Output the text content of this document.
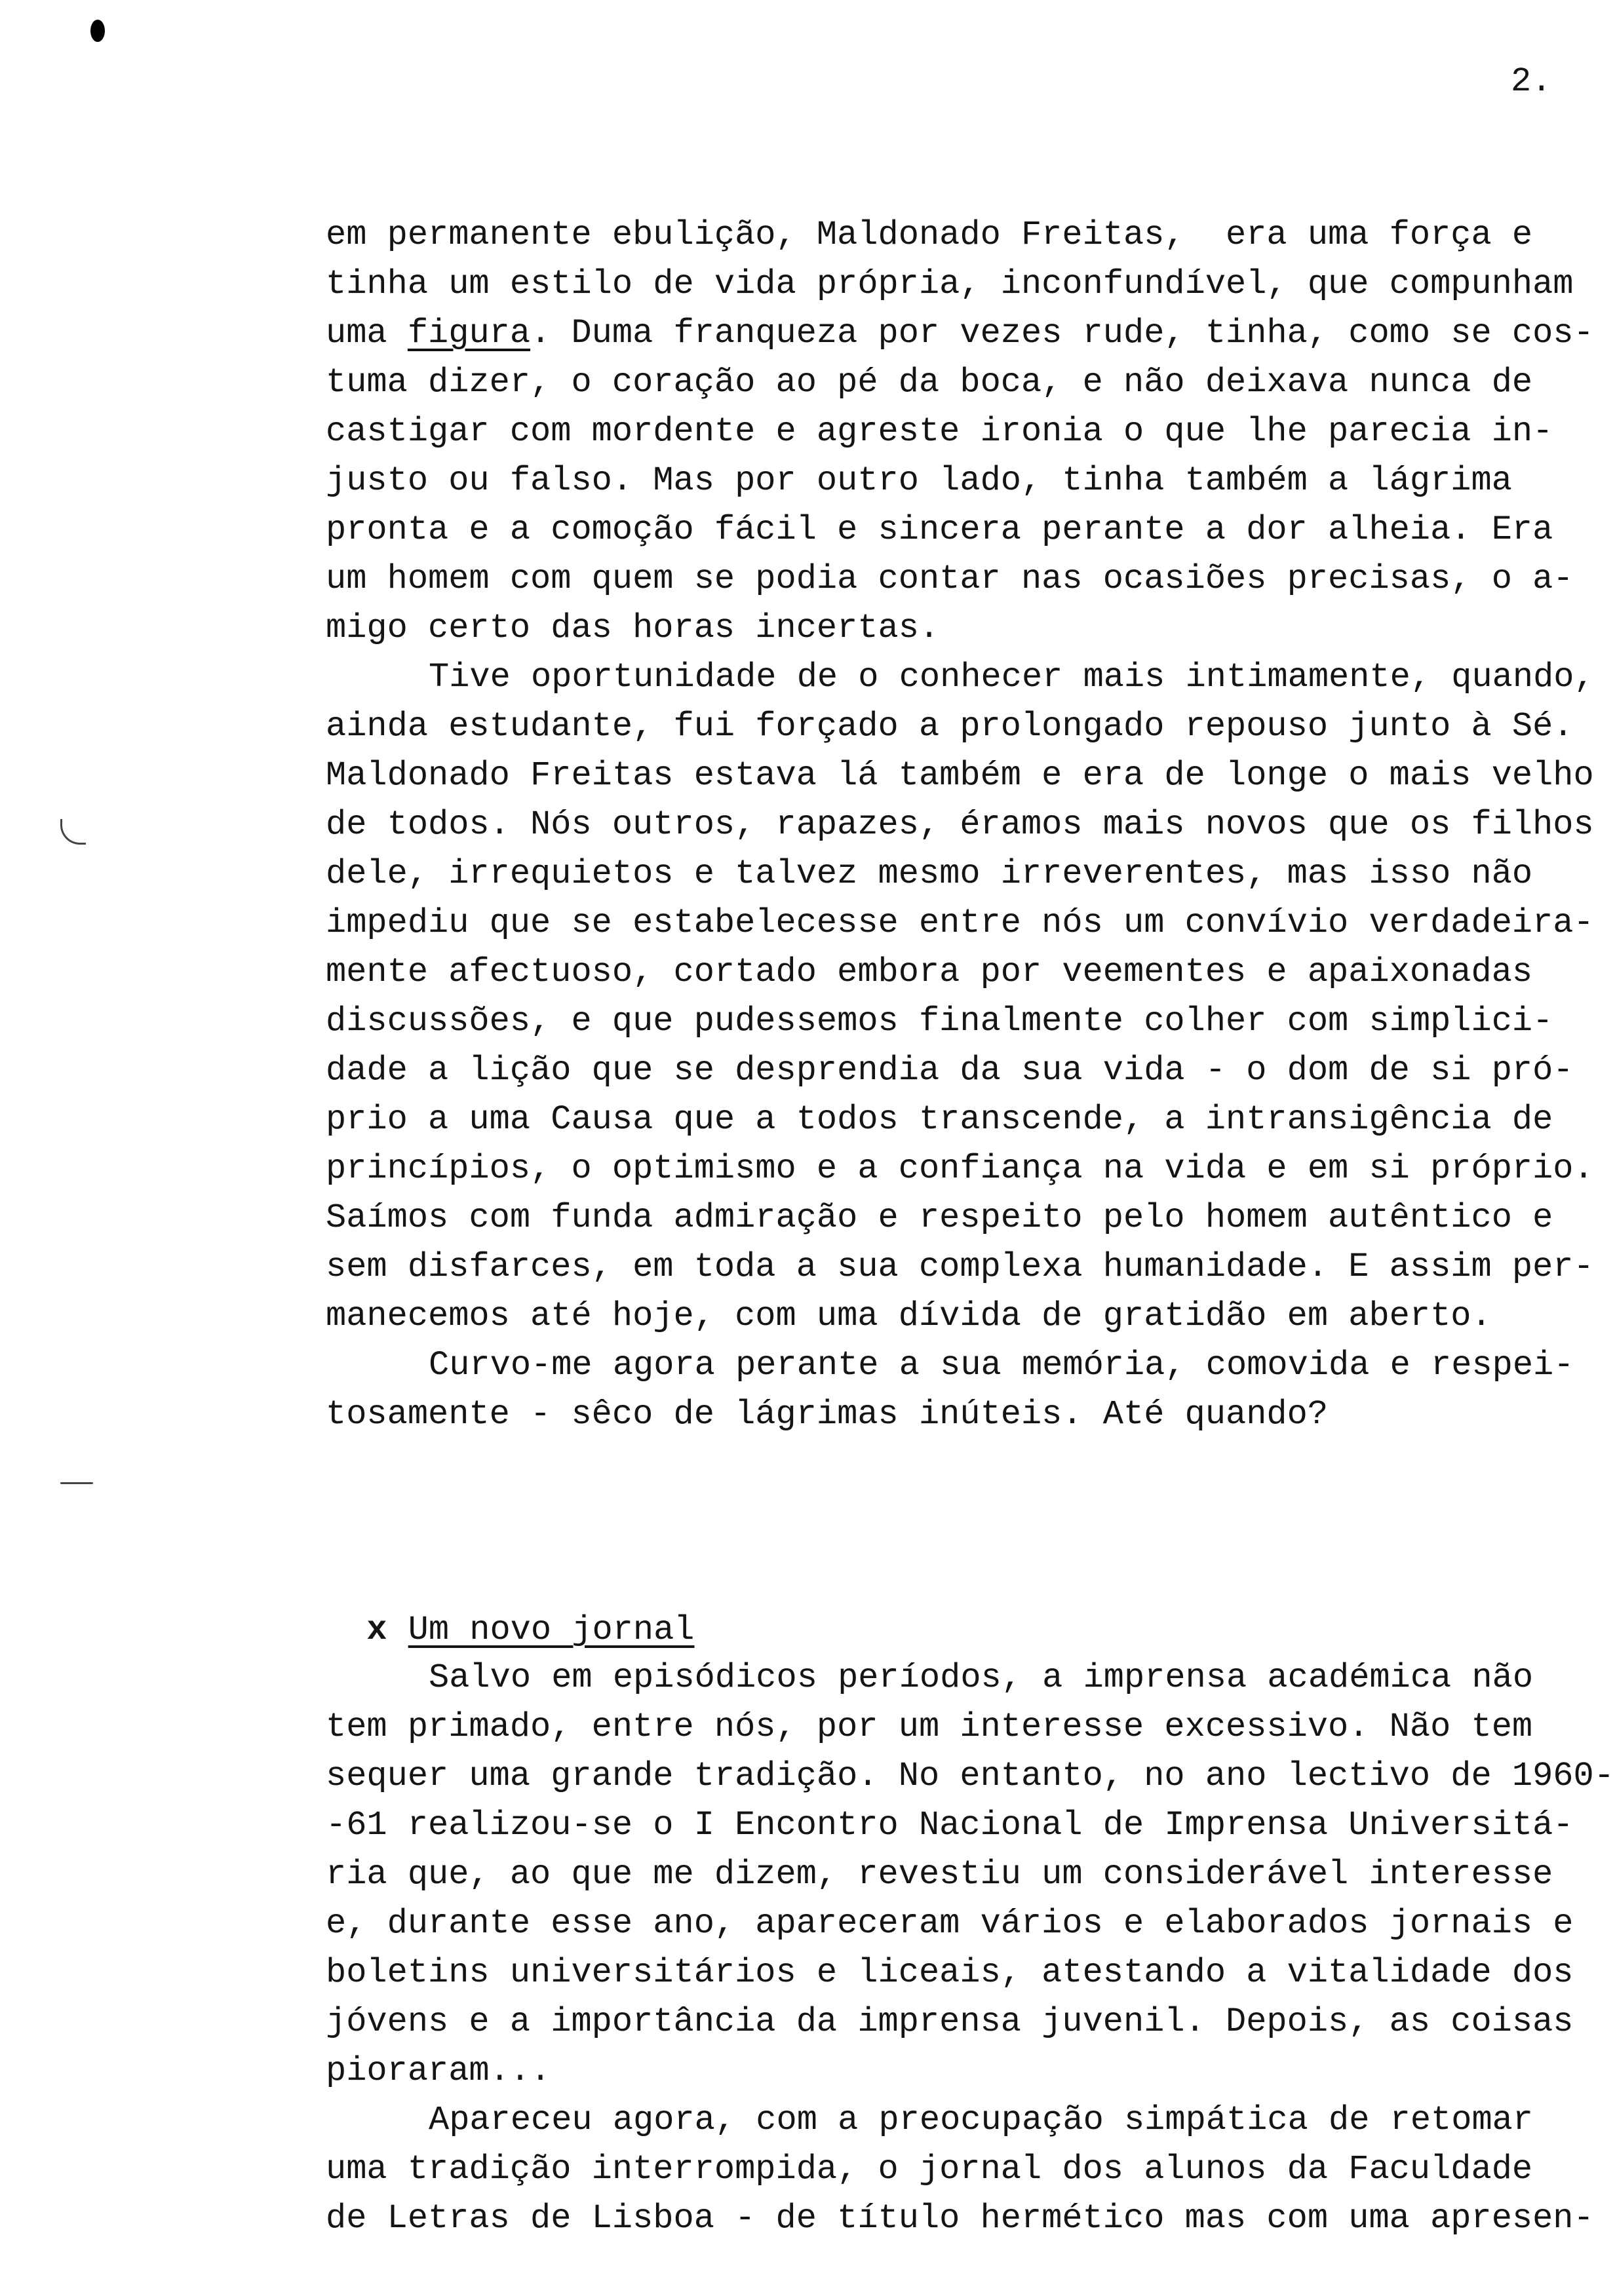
2.
em permanente ebulição, Maldonado Freitas,  era uma força e
tinha um estilo de vida própria, inconfundível, que compunham
uma figura. Duma franqueza por vezes rude, tinha, como se cos-
tuma dizer, o coração ao pé da boca, e não deixava nunca de
castigar com mordente e agreste ironia o que lhe parecia in-
justo ou falso. Mas por outro lado, tinha também a lágrima
pronta e a comoção fácil e sincera perante a dor alheia. Era
um homem com quem se podia contar nas ocasiões precisas, o a-
migo certo das horas incertas.
Tive oportunidade de o conhecer mais intimamente, quando,
ainda estudante, fui forçado a prolongado repouso junto à Sé.
Maldonado Freitas estava lá também e era de longe o mais velho
de todos. Nós outros, rapazes, éramos mais novos que os filhos
dele, irrequietos e talvez mesmo irreverentes, mas isso não
impediu que se estabelecesse entre nós um convívio verdadeira-
mente afectuoso, cortado embora por veementes e apaixonadas
discussões, e que pudessemos finalmente colher com simplici-
dade a lição que se desprendia da sua vida - o dom de si pró-
prio a uma Causa que a todos transcende, a intransigência de
princípios, o optimismo e a confiança na vida e em si próprio.
Saímos com funda admiração e respeito pelo homem autêntico e
sem disfarces, em toda a sua complexa humanidade. E assim per-
manecemos até hoje, com uma dívida de gratidão em aberto.
Curvo-me agora perante a sua memória, comovida e respei-
tosamente - sêco de lágrimas inúteis. Até quando?

x Um novo jornal

Salvo em episódicos períodos, a imprensa académica não
tem primado, entre nós, por um interesse excessivo. Não tem
sequer uma grande tradição. No entanto, no ano lectivo de 1960-
-61 realizou-se o I Encontro Nacional de Imprensa Universitá-
ria que, ao que me dizem, revestiu um considerável interesse
e, durante esse ano, apareceram vários e elaborados jornais e
boletins universitários e liceais, atestando a vitalidade dos
jóvens e a importância da imprensa juvenil. Depois, as coisas
pioraram...
Apareceu agora, com a preocupação simpática de retomar
uma tradição interrompida, o jornal dos alunos da Faculdade
de Letras de Lisboa - de título hermético mas com uma apresen-
